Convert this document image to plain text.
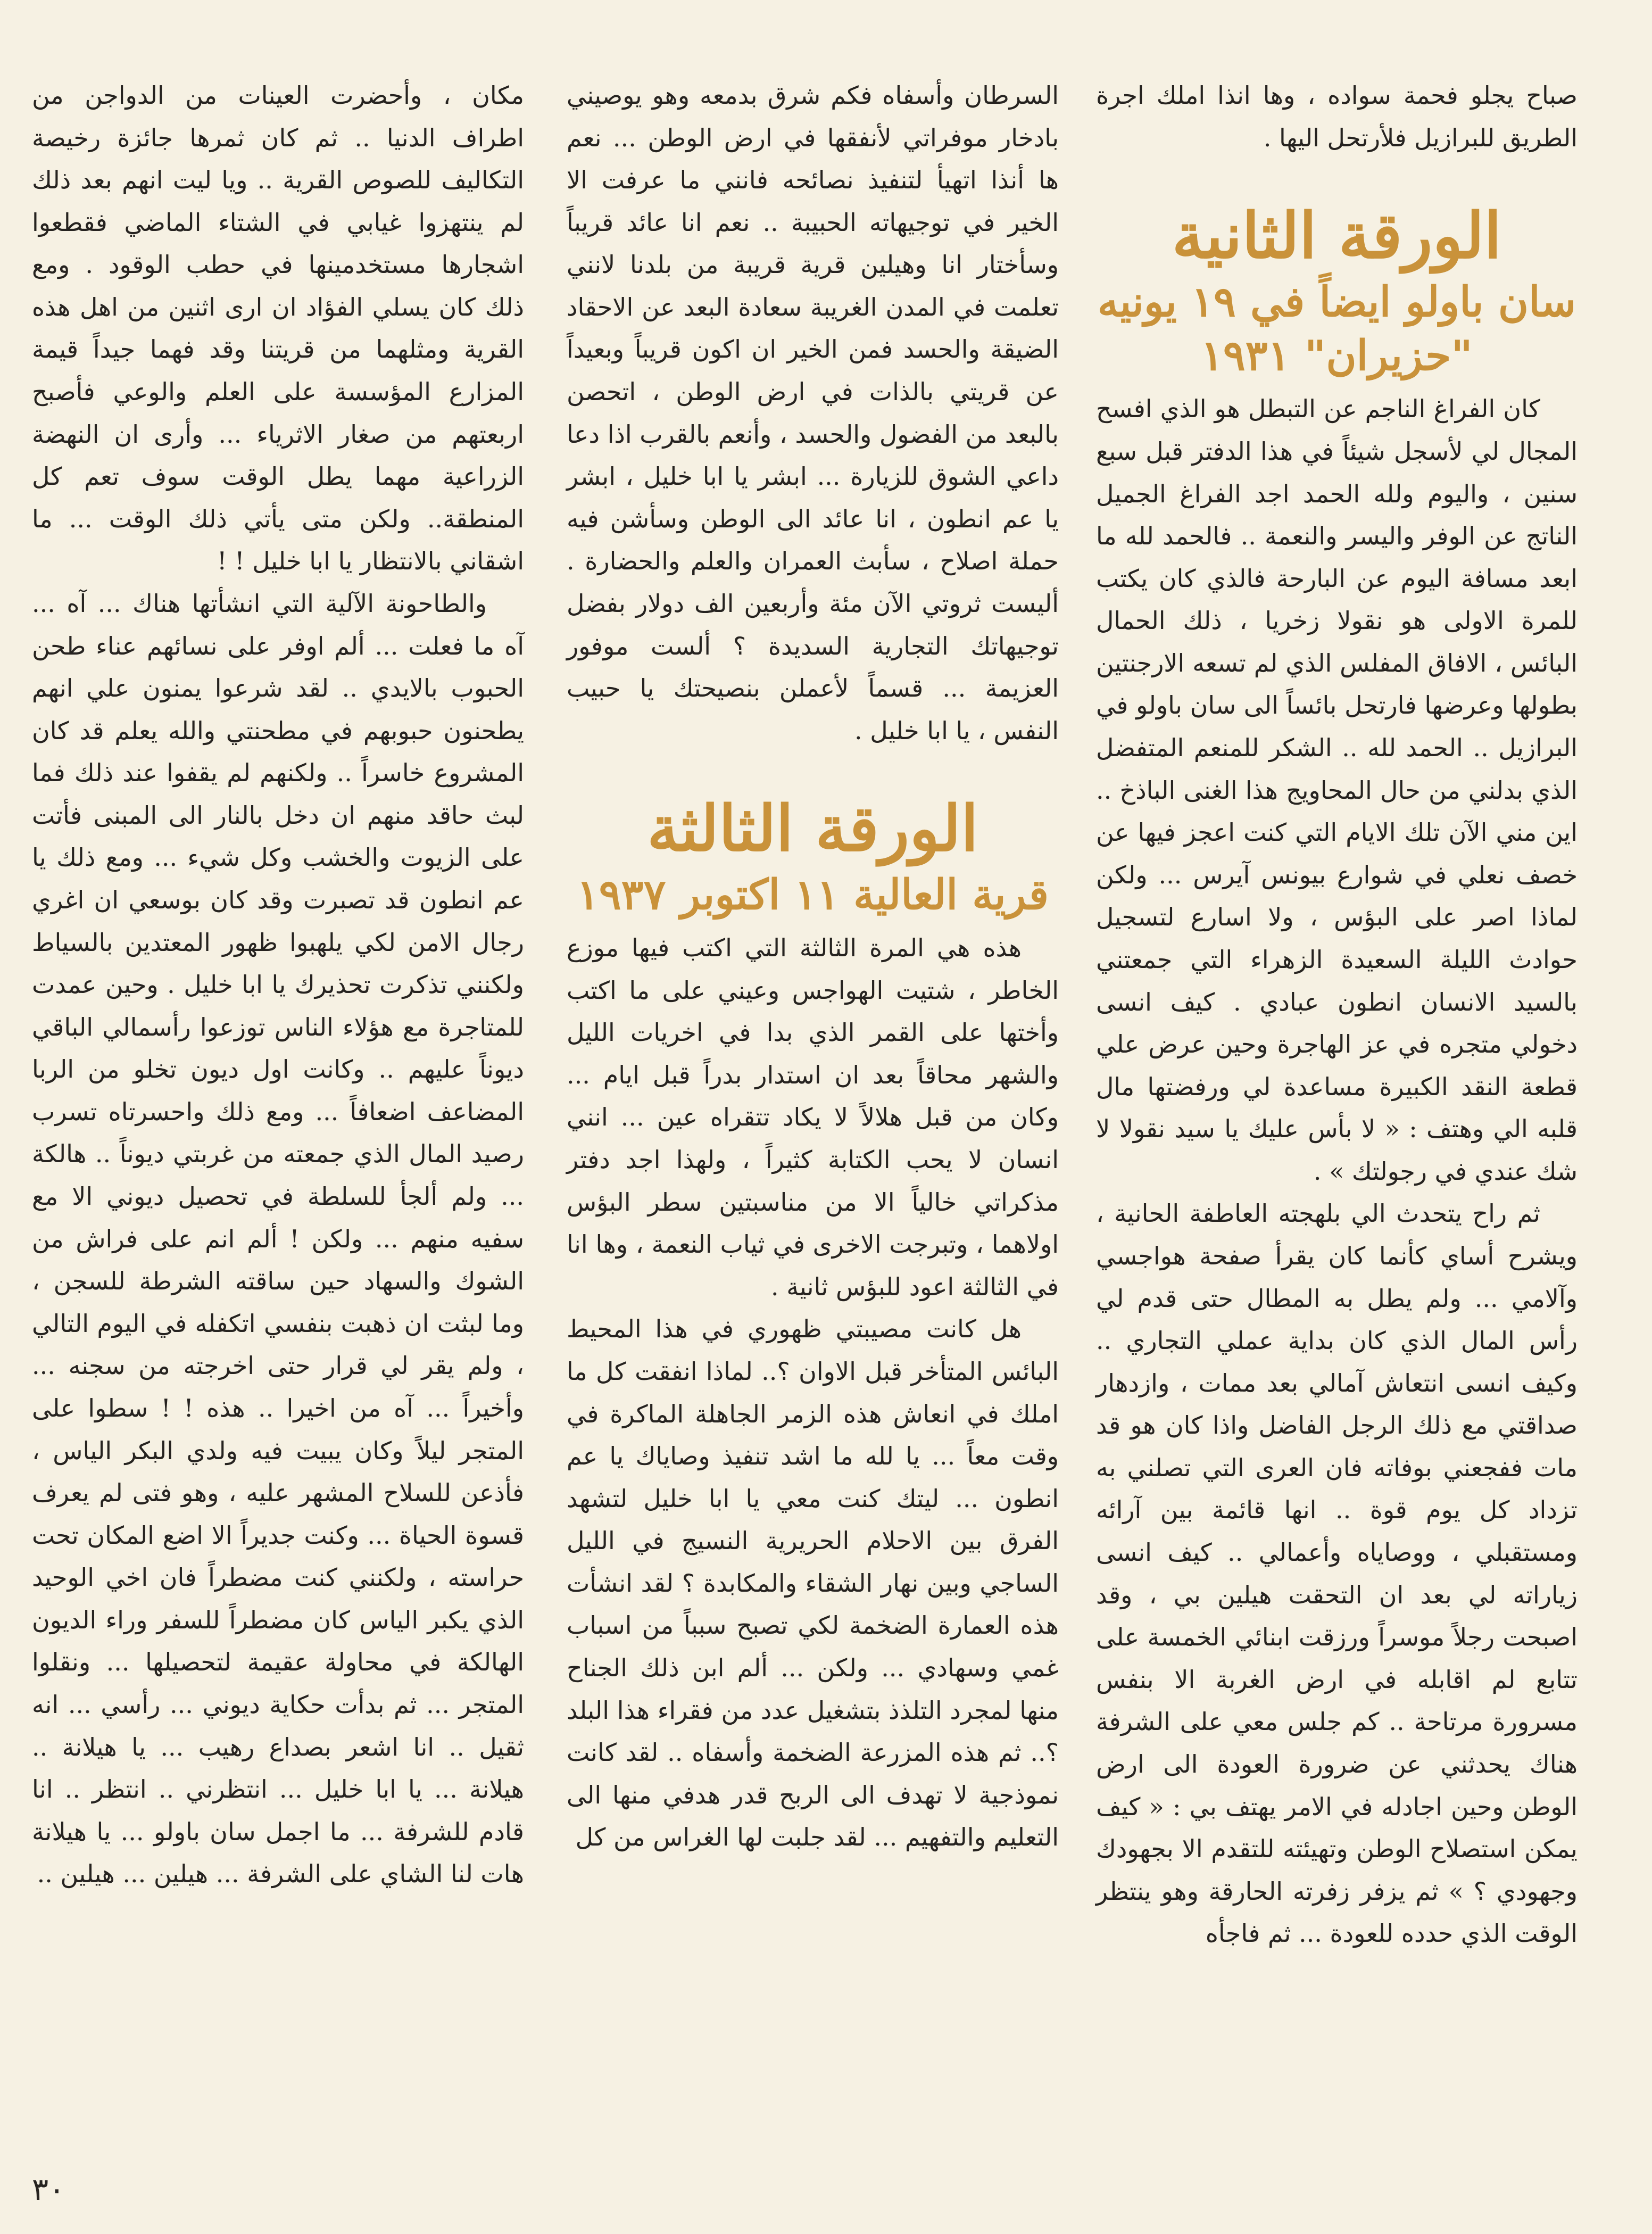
صباح يجلو فحمة سواده ، وها انذا املك اجرة الطريق للبرازيل فلأرتحل اليها .

الورقة الثانية
سان باولو ايضاً في ١٩ يونيه "حزيران" ١٩٣١

كان الفراغ الناجم عن التبطل هو الذي افسح المجال لي لأسجل شيئاً في هذا الدفتر قبل سبع سنين ، واليوم ولله الحمد اجد الفراغ الجميل الناتج عن الوفر واليسر والنعمة .. فالحمد لله ما ابعد مسافة اليوم عن البارحة فالذي كان يكتب للمرة الاولى هو نقولا زخريا ، ذلك الحمال البائس ، الافاق المفلس الذي لم تسعه الارجنتين بطولها وعرضها فارتحل بائساً الى سان باولو في البرازيل .. الحمد لله .. الشكر للمنعم المتفضل الذي بدلني من حال المحاويج هذا الغنى الباذخ .. اين مني الآن تلك الايام التي كنت اعجز فيها عن خصف نعلي في شوارع بيونس آيرس ... ولكن لماذا اصر على البؤس ، ولا اسارع لتسجيل حوادث الليلة السعيدة الزهراء التي جمعتني بالسيد الانسان انطون عبادي . كيف انسى دخولي متجره في عز الهاجرة وحين عرض علي قطعة النقد الكبيرة مساعدة لي ورفضتها مال قلبه الي وهتف : « لا بأس عليك يا سيد نقولا لا شك عندي في رجولتك » .

ثم راح يتحدث الي بلهجته العاطفة الحانية ، ويشرح أساي كأنما كان يقرأ صفحة هواجسي وآلامي ... ولم يطل به المطال حتى قدم لي رأس المال الذي كان بداية عملي التجاري .. وكيف انسى انتعاش آمالي بعد ممات ، وازدهار صداقتي مع ذلك الرجل الفاضل واذا كان هو قد مات ففجعني بوفاته فان العرى التي تصلني به تزداد كل يوم قوة .. انها قائمة بين آرائه ومستقبلي ، ووصاياه وأعمالي .. كيف انسى زياراته لي بعد ان التحقت هيلين بي ، وقد اصبحت رجلاً موسراً ورزقت ابنائي الخمسة على تتابع لم اقابله في ارض الغربة الا بنفس مسرورة مرتاحة .. كم جلس معي على الشرفة هناك يحدثني عن ضرورة العودة الى ارض الوطن وحين اجادله في الامر يهتف بي : « كيف يمكن استصلاح الوطن وتهيئته للتقدم الا بجهودك وجهودي ؟ » ثم يزفر زفرته الحارقة وهو ينتظر الوقت الذي حدده للعودة ... ثم فاجأه

السرطان وأسفاه فكم شرق بدمعه وهو يوصيني بادخار موفراتي لأنفقها في ارض الوطن ... نعم ها أنذا اتهيأ لتنفيذ نصائحه فانني ما عرفت الا الخير في توجيهاته الحبيبة .. نعم انا عائد قريباً وسأختار انا وهيلين قرية قريبة من بلدنا لانني تعلمت في المدن الغريبة سعادة البعد عن الاحقاد الضيقة والحسد فمن الخير ان اكون قريباً وبعيداً عن قريتي بالذات في ارض الوطن ، اتحصن بالبعد من الفضول والحسد ، وأنعم بالقرب اذا دعا داعي الشوق للزيارة ... ابشر يا ابا خليل ، ابشر يا عم انطون ، انا عائد الى الوطن وسأشن فيه حملة اصلاح ، سأبث العمران والعلم والحضارة . أليست ثروتي الآن مئة وأربعين الف دولار بفضل توجيهاتك التجارية السديدة ؟ ألست موفور العزيمة ... قسماً لأعملن بنصيحتك يا حبيب النفس ، يا ابا خليل .

الورقة الثالثة
قرية العالية ١١ اكتوبر ١٩٣٧

هذه هي المرة الثالثة التي اكتب فيها موزع الخاطر ، شتيت الهواجس وعيني على ما اكتب وأختها على القمر الذي بدا في اخريات الليل والشهر محاقاً بعد ان استدار بدراً قبل ايام ... وكان من قبل هلالاً لا يكاد تتقراه عين ... انني انسان لا يحب الكتابة كثيراً ، ولهذا اجد دفتر مذكراتي خالياً الا من مناسبتين سطر البؤس اولاهما ، وتبرجت الاخرى في ثياب النعمة ، وها انا في الثالثة اعود للبؤس ثانية .

هل كانت مصيبتي ظهوري في هذا المحيط البائس المتأخر قبل الاوان ؟.. لماذا انفقت كل ما املك في انعاش هذه الزمر الجاهلة الماكرة في وقت معاً ... يا لله ما اشد تنفيذ وصاياك يا عم انطون ... ليتك كنت معي يا ابا خليل لتشهد الفرق بين الاحلام الحريرية النسيج في الليل الساجي وبين نهار الشقاء والمكابدة ؟ لقد انشأت هذه العمارة الضخمة لكي تصبح سبباً من اسباب غمي وسهادي ... ولكن ... ألم ابن ذلك الجناح منها لمجرد التلذذ بتشغيل عدد من فقراء هذا البلد ؟.. ثم هذه المزرعة الضخمة وأسفاه .. لقد كانت نموذجية لا تهدف الى الربح قدر هدفي منها الى التعليم والتفهيم ... لقد جلبت لها الغراس من كل

مكان ، وأحضرت العينات من الدواجن من اطراف الدنيا .. ثم كان ثمرها جائزة رخيصة التكاليف للصوص القرية .. ويا ليت انهم بعد ذلك لم ينتهزوا غيابي في الشتاء الماضي فقطعوا اشجارها مستخدمينها في حطب الوقود . ومع ذلك كان يسلي الفؤاد ان ارى اثنين من اهل هذه القرية ومثلهما من قريتنا وقد فهما جيداً قيمة المزارع المؤسسة على العلم والوعي فأصبح اربعتهم من صغار الاثرياء ... وأرى ان النهضة الزراعية مهما يطل الوقت سوف تعم كل المنطقة.. ولكن متى يأتي ذلك الوقت ... ما اشقاني بالانتظار يا ابا خليل ! !

والطاحونة الآلية التي انشأتها هناك ... آه ... آه ما فعلت ... ألم اوفر على نسائهم عناء طحن الحبوب بالايدي .. لقد شرعوا يمنون علي انهم يطحنون حبوبهم في مطحنتي والله يعلم قد كان المشروع خاسراً .. ولكنهم لم يقفوا عند ذلك فما لبث حاقد منهم ان دخل بالنار الى المبنى فأتت على الزيوت والخشب وكل شيء ... ومع ذلك يا عم انطون قد تصبرت وقد كان بوسعي ان اغري رجال الامن لكي يلهبوا ظهور المعتدين بالسياط ولكنني تذكرت تحذيرك يا ابا خليل . وحين عمدت للمتاجرة مع هؤلاء الناس توزعوا رأسمالي الباقي ديوناً عليهم .. وكانت اول ديون تخلو من الربا المضاعف اضعافاً ... ومع ذلك واحسرتاه تسرب رصيد المال الذي جمعته من غربتي ديوناً .. هالكة ... ولم ألجأ للسلطة في تحصيل ديوني الا مع سفيه منهم ... ولكن ! ألم انم على فراش من الشوك والسهاد حين ساقته الشرطة للسجن ، وما لبثت ان ذهبت بنفسي اتكفله في اليوم التالي ، ولم يقر لي قرار حتى اخرجته من سجنه ... وأخيراً ... آه من اخيرا .. هذه ! ! سطوا على المتجر ليلاً وكان يبيت فيه ولدي البكر الياس ، فأذعن للسلاح المشهر عليه ، وهو فتى لم يعرف قسوة الحياة ... وكنت جديراً الا اضع المكان تحت حراسته ، ولكنني كنت مضطراً فان اخي الوحيد الذي يكبر الياس كان مضطراً للسفر وراء الديون الهالكة في محاولة عقيمة لتحصيلها ... ونقلوا المتجر ... ثم بدأت حكاية ديوني ... رأسي ... انه ثقيل .. انا اشعر بصداع رهيب ... يا هيلانة .. هيلانة ... يا ابا خليل ... انتظرني .. انتظر .. انا قادم للشرفة ... ما اجمل سان باولو ... يا هيلانة هات لنا الشاي على الشرفة ... هيلين ... هيلين ..

٣٠
